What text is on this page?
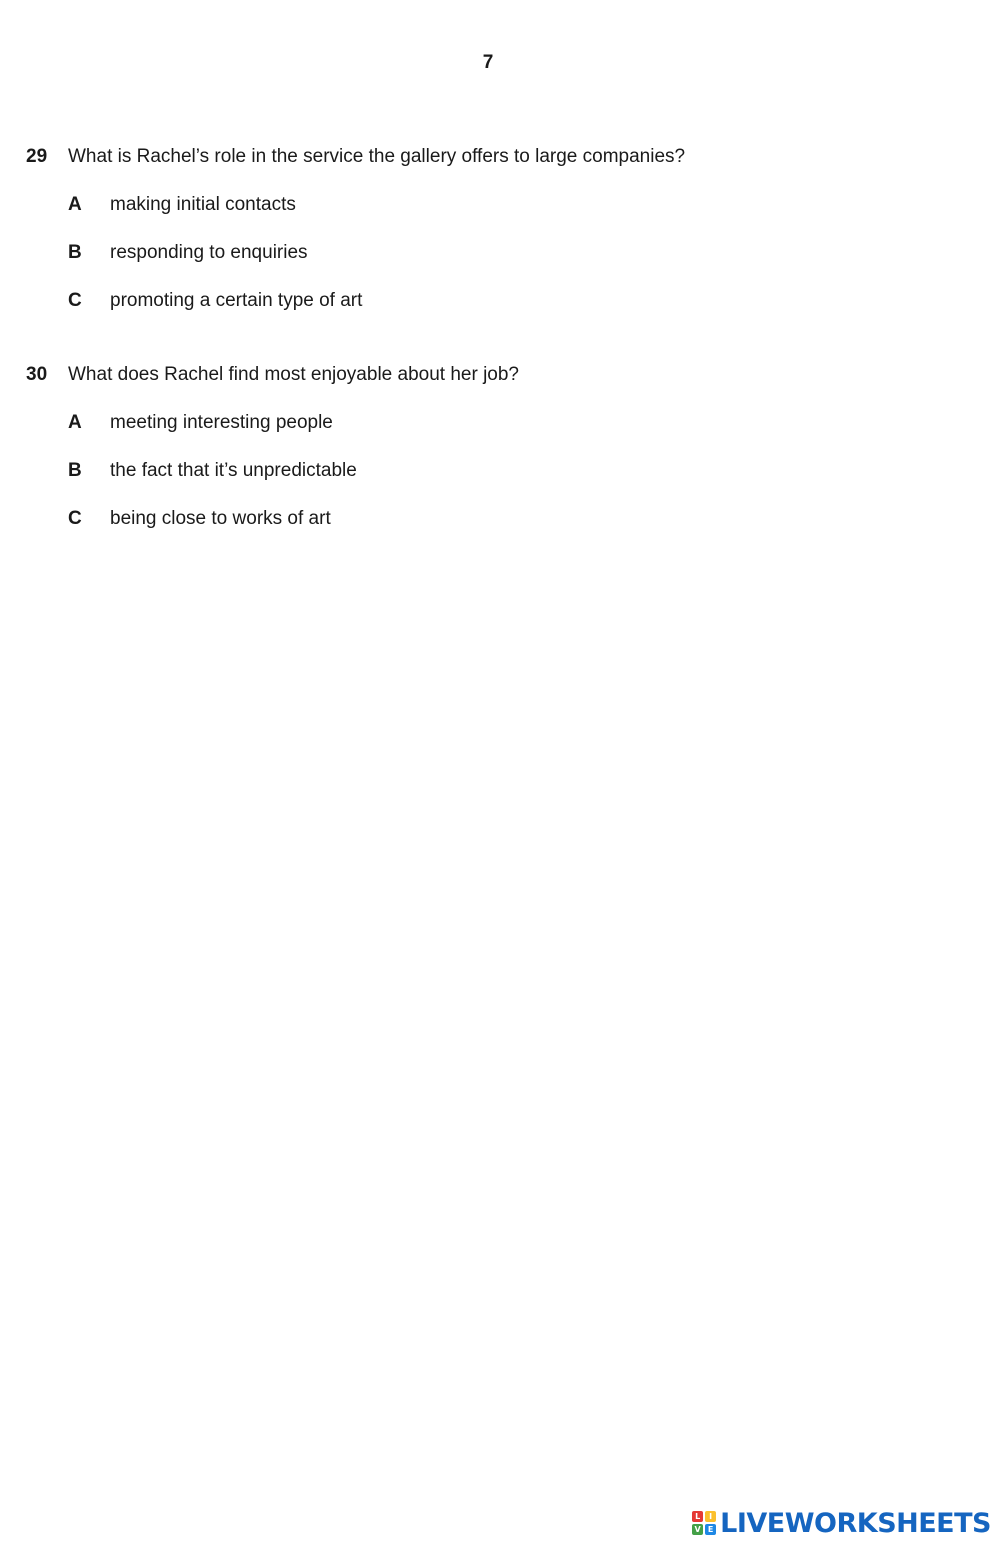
7
29	What is Rachel’s role in the service the gallery offers to large companies?
A	making initial contacts
B	responding to enquiries
C	promoting a certain type of art
30	What does Rachel find most enjoyable about her job?
A	meeting interesting people
B	the fact that it’s unpredictable
C	being close to works of art
L	I
V E LIVEWORKSHEETS
